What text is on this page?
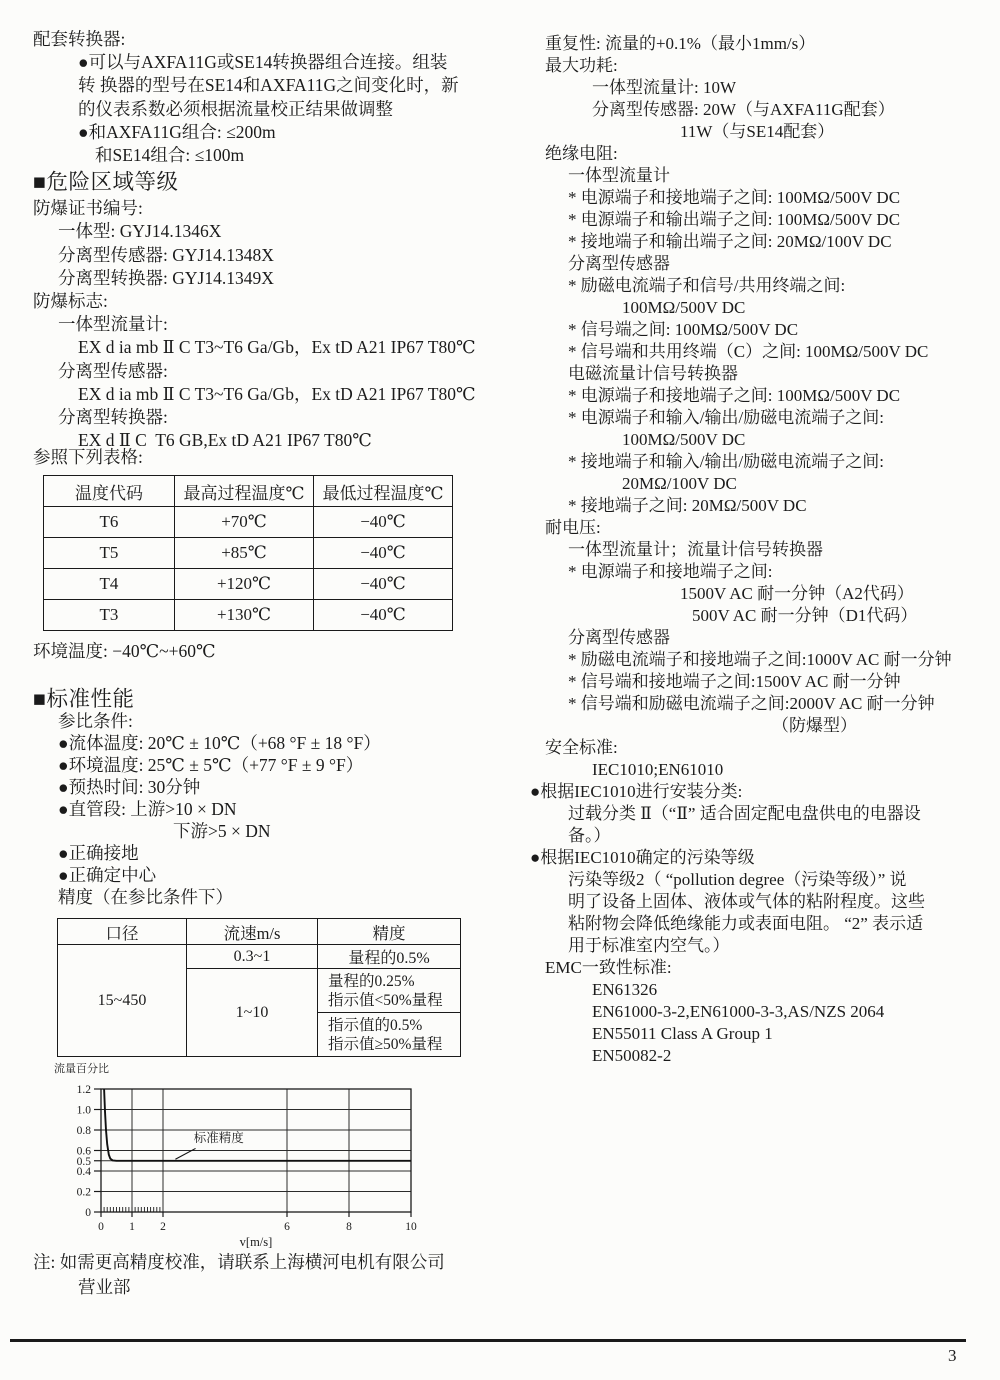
配套转换器:
●可以与AXFA11G或SE14转换器组合连接。组装
转 换器的型号在SE14和AXFA11G之间变化时，新
的仪表系数必须根据流量校正结果做调整
●和AXFA11G组合: ≤200m
和SE14组合: ≤100m
■危险区域等级
防爆证书编号:
一体型: GYJ14.1346X
分离型传感器: GYJ14.1348X
分离型转换器: GYJ14.1349X
防爆标志:
一体型流量计:
EX d ia mb Ⅱ C T3~T6 Ga/Gb，Ex tD A21 IP67 T80℃
分离型传感器:
EX d ia mb Ⅱ C T3~T6 Ga/Gb，Ex tD A21 IP67 T80℃
分离型转换器:
EX d Ⅱ C  T6 GB,Ex tD A21 IP67 T80℃
参照下列表格:
温度代码	最高过程温度℃	最低过程温度℃
T6	+70℃	−40℃
T5	+85℃	−40℃
T4	+120℃	−40℃
T3	+130℃	−40℃
环境温度: −40℃~+60℃
■标准性能
参比条件:
●流体温度: 20℃ ± 10℃（+68 °F ± 18 °F）
●环境温度: 25℃ ± 5℃（+77 °F ± 9 °F）
●预热时间: 30分钟
●直管段: 上游>10 × DN
下游>5 × DN
●正确接地
●正确定中心
精度（在参比条件下）
口径	流速m/s	精度
15~450	0.3~1	量程的0.5%
	1~10	量程的0.25%
指示值<50%量程
		指示值的0.5%
指示值≥50%量程
流量百分比
0
0.2
0.4
0.5
0.6
0.8
1.0
1.2
0 1 2	6	8	10
标准精度
v[m/s]
注: 如需更高精度校准，请联系上海横河电机有限公司
营业部
重复性: 流量的+0.1%（最小1mm/s）
最大功耗:
一体型流量计: 10W
分离型传感器: 20W（与AXFA11G配套）
11W（与SE14配套）
绝缘电阻:
一体型流量计
* 电源端子和接地端子之间: 100MΩ/500V DC
* 电源端子和输出端子之间: 100MΩ/500V DC
* 接地端子和输出端子之间: 20MΩ/100V DC
分离型传感器
* 励磁电流端子和信号/共用终端之间:
100MΩ/500V DC
* 信号端之间: 100MΩ/500V DC
* 信号端和共用终端（C）之间: 100MΩ/500V DC
电磁流量计信号转换器
* 电源端子和接地端子之间: 100MΩ/500V DC
* 电源端子和输入/输出/励磁电流端子之间:
100MΩ/500V DC
* 接地端子和输入/输出/励磁电流端子之间:
20MΩ/100V DC
* 接地端子之间: 20MΩ/500V DC
耐电压:
一体型流量计；流量计信号转换器
* 电源端子和接地端子之间:
1500V AC 耐一分钟（A2代码）
500V AC 耐一分钟（D1代码）
分离型传感器
* 励磁电流端子和接地端子之间:1000V AC 耐一分钟
* 信号端和接地端子之间:1500V AC 耐一分钟
* 信号端和励磁电流端子之间:2000V AC 耐一分钟
（防爆型）
安全标准:
IEC1010;EN61010
●根据IEC1010进行安装分类:
过载分类 Ⅱ（“Ⅱ” 适合固定配电盘供电的电器设
备。）
●根据IEC1010确定的污染等级
污染等级2（ “pollution degree（污染等级）” 说
明了设备上固体、液体或气体的粘附程度。这些
粘附物会降低绝缘能力或表面电阻。 “2” 表示适
用于标准室内空气。）
EMC一致性标准:
EN61326
EN61000-3-2,EN61000-3-3,AS/NZS 2064
EN55011 Class A Group 1
EN50082-2
3
